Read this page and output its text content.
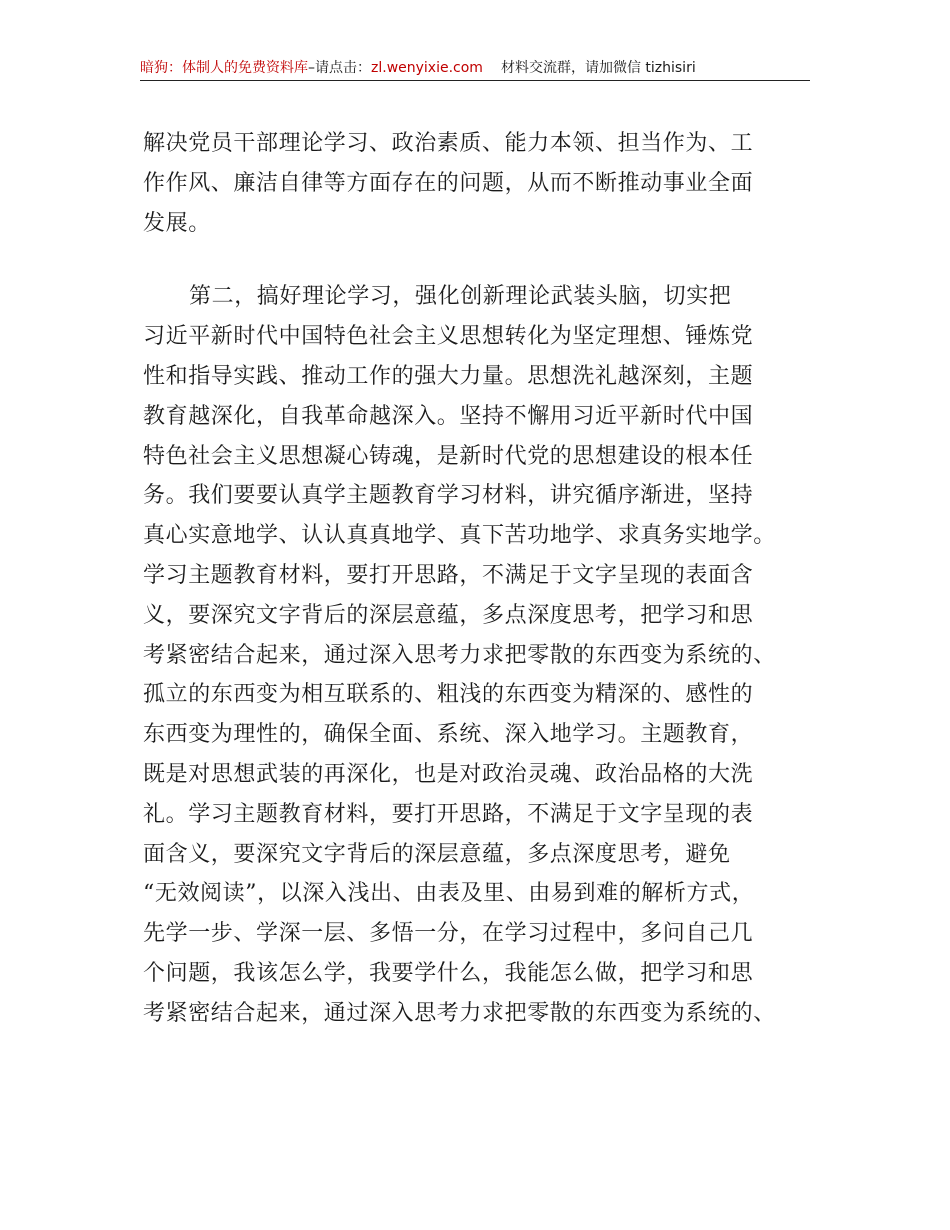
暗狗：体制人的免费资料库–请点击：zl.wenyixie.com 材料交流群，请加微信 tizhisiri
解决党员干部理论学习、政治素质、能力本领、担当作为、工
作作风、廉洁自律等方面存在的问题，从而不断推动事业全面
发展。
第二，搞好理论学习，强化创新理论武装头脑，切实把
习近平新时代中国特色社会主义思想转化为坚定理想、锤炼党
性和指导实践、推动工作的强大力量。思想洗礼越深刻，主题
教育越深化，自我革命越深入。坚持不懈用习近平新时代中国
特色社会主义思想凝心铸魂，是新时代党的思想建设的根本任
务。我们要要认真学主题教育学习材料，讲究循序渐进，坚持
真心实意地学、认认真真地学、真下苦功地学、求真务实地学。
学习主题教育材料，要打开思路，不满足于文字呈现的表面含
义，要深究文字背后的深层意蕴，多点深度思考，把学习和思
考紧密结合起来，通过深入思考力求把零散的东西变为系统的、
孤立的东西变为相互联系的、粗浅的东西变为精深的、感性的
东西变为理性的，确保全面、系统、深入地学习。主题教育，
既是对思想武装的再深化，也是对政治灵魂、政治品格的大洗
礼。学习主题教育材料，要打开思路，不满足于文字呈现的表
面含义，要深究文字背后的深层意蕴，多点深度思考，避免
“无效阅读”，以深入浅出、由表及里、由易到难的解析方式，
先学一步、学深一层、多悟一分，在学习过程中，多问自己几
个问题，我该怎么学，我要学什么，我能怎么做，把学习和思
考紧密结合起来，通过深入思考力求把零散的东西变为系统的、
